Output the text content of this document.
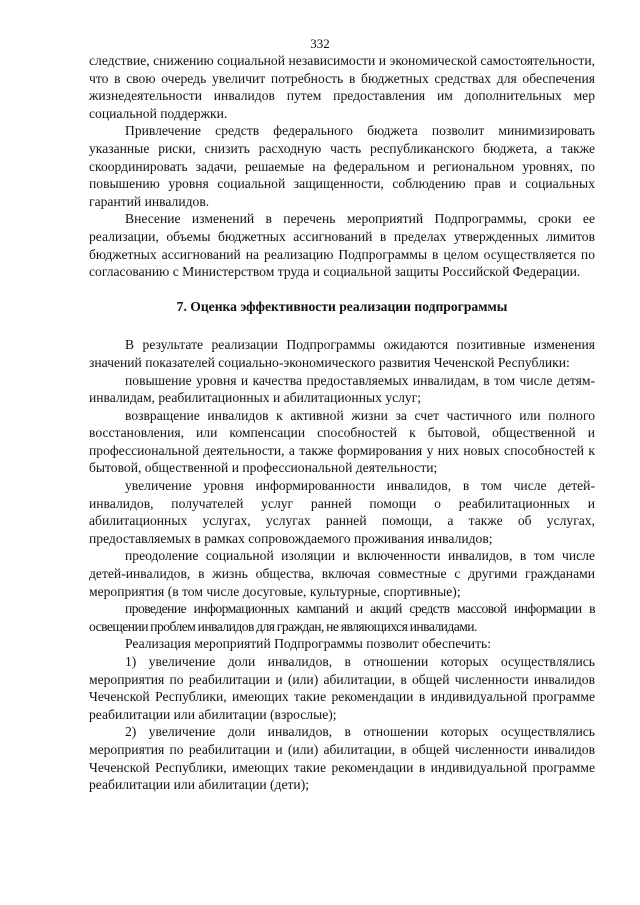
332

следствие, снижению социальной независимости и экономической самостоятельности, что в свою очередь увеличит потребность в бюджетных средствах для обеспечения жизнедеятельности инвалидов путем предоставления им дополнительных мер социальной поддержки.

Привлечение средств федерального бюджета позволит минимизировать указанные риски, снизить расходную часть республиканского бюджета, а также скоординировать задачи, решаемые на федеральном и региональном уровнях, по повышению уровня социальной защищенности, соблюдению прав и социальных гарантий инвалидов.

Внесение изменений в перечень мероприятий Подпрограммы, сроки ее реализации, объемы бюджетных ассигнований в пределах утвержденных лимитов бюджетных ассигнований на реализацию Подпрограммы в целом осуществляется по согласованию с Министерством труда и социальной защиты Российской Федерации.

7. Оценка эффективности реализации подпрограммы

В результате реализации Подпрограммы ожидаются позитивные изменения значений показателей социально-экономического развития Чеченской Республики:

повышение уровня и качества предоставляемых инвалидам, в том числе детям-инвалидам, реабилитационных и абилитационных услуг;

возвращение инвалидов к активной жизни за счет частичного или полного восстановления, или компенсации способностей к бытовой, общественной и профессиональной деятельности, а также формирования у них новых способностей к бытовой, общественной и профессиональной деятельности;

увеличение уровня информированности инвалидов, в том числе детей-инвалидов, получателей услуг ранней помощи о реабилитационных и абилитационных услугах, услугах ранней помощи, а также об услугах, предоставляемых в рамках сопровождаемого проживания инвалидов;

преодоление социальной изоляции и включенности инвалидов, в том числе детей-инвалидов, в жизнь общества, включая совместные с другими гражданами мероприятия (в том числе досуговые, культурные, спортивные);

проведение информационных кампаний и акций средств массовой информации в освещении проблем инвалидов для граждан, не являющихся инвалидами.

Реализация мероприятий Подпрограммы позволит обеспечить:

1) увеличение доли инвалидов, в отношении которых осуществлялись мероприятия по реабилитации и (или) абилитации, в общей численности инвалидов Чеченской Республики, имеющих такие рекомендации в индивидуальной программе реабилитации или абилитации (взрослые);

2) увеличение доли инвалидов, в отношении которых осуществлялись мероприятия по реабилитации и (или) абилитации, в общей численности инвалидов Чеченской Республики, имеющих такие рекомендации в индивидуальной программе реабилитации или абилитации (дети);
